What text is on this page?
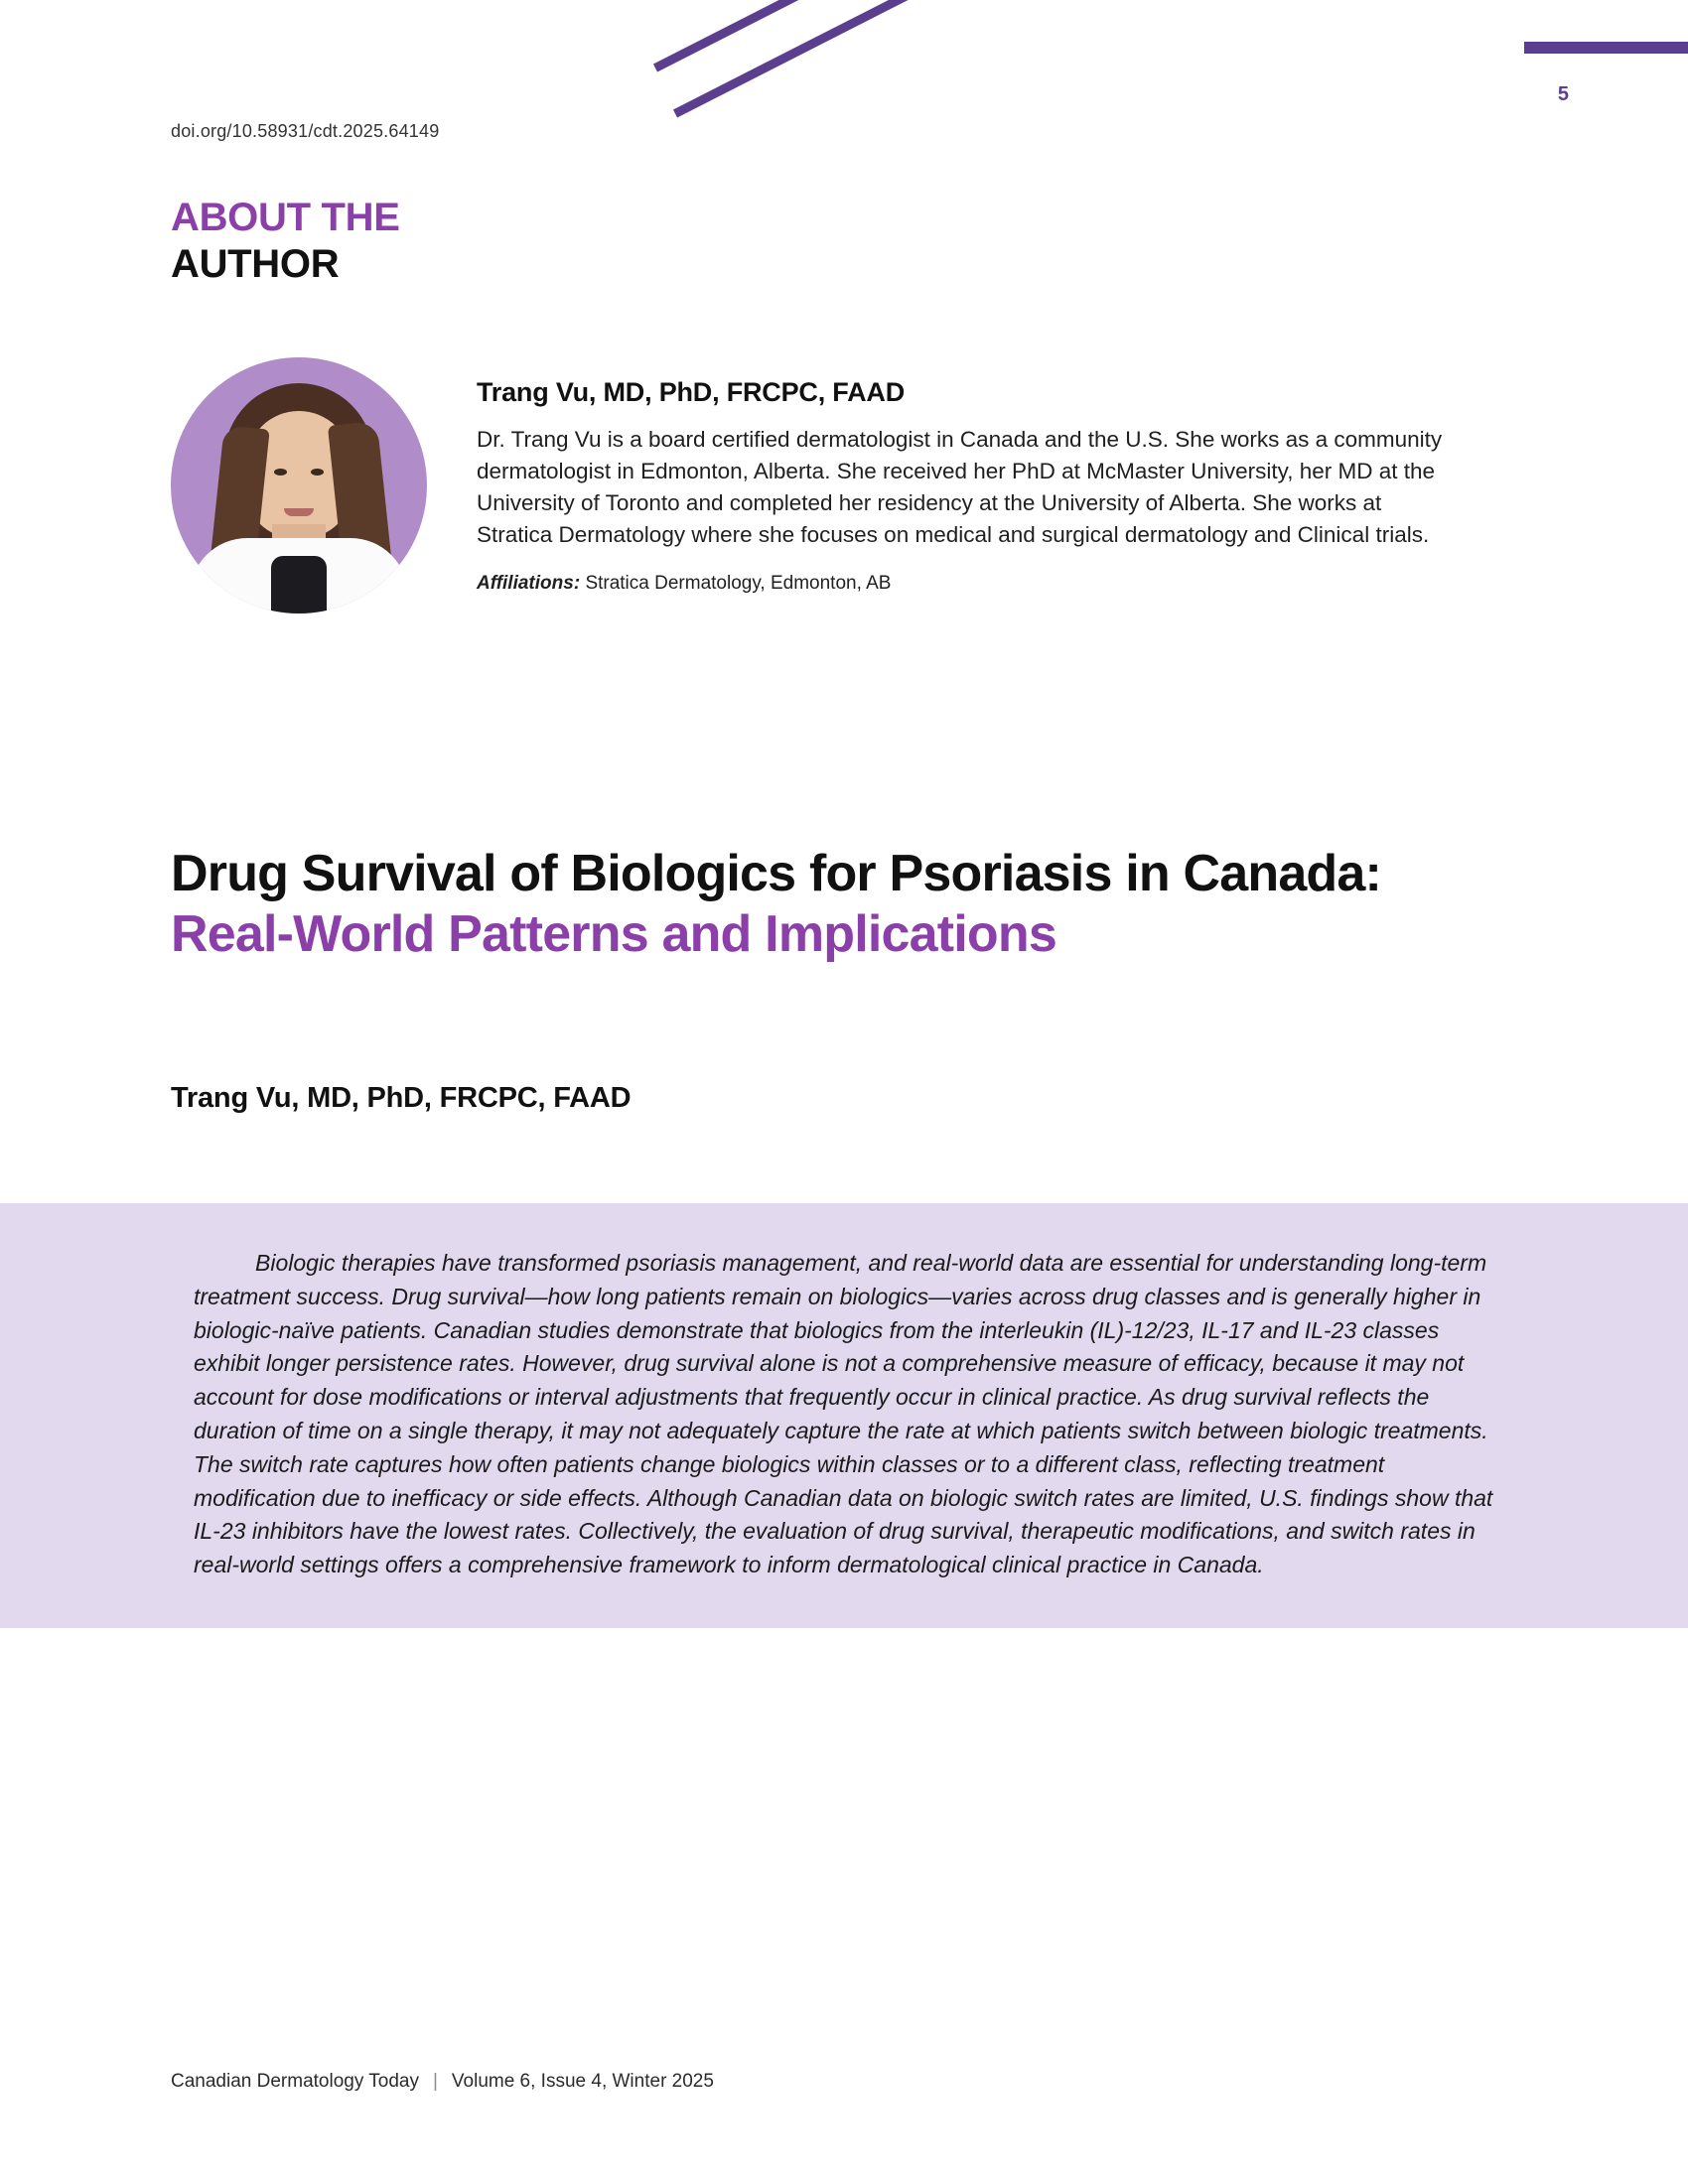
5
doi.org/10.58931/cdt.2025.64149
ABOUT THE
AUTHOR
Trang Vu, MD, PhD, FRCPC, FAAD

Dr. Trang Vu is a board certified dermatologist in Canada and the U.S. She works as a community dermatologist in Edmonton, Alberta. She received her PhD at McMaster University, her MD at the University of Toronto and completed her residency at the University of Alberta. She works at Stratica Dermatology where she focuses on medical and surgical dermatology and Clinical trials.

Affiliations: Stratica Dermatology, Edmonton, AB
Drug Survival of Biologics for Psoriasis in Canada: Real-World Patterns and Implications
Trang Vu, MD, PhD, FRCPC, FAAD

Biologic therapies have transformed psoriasis management, and real-world data are essential for understanding long-term treatment success. Drug survival—how long patients remain on biologics—varies across drug classes and is generally higher in biologic-naïve patients. Canadian studies demonstrate that biologics from the interleukin (IL)-12/23, IL-17 and IL-23 classes exhibit longer persistence rates. However, drug survival alone is not a comprehensive measure of efficacy, because it may not account for dose modifications or interval adjustments that frequently occur in clinical practice. As drug survival reflects the duration of time on a single therapy, it may not adequately capture the rate at which patients switch between biologic treatments. The switch rate captures how often patients change biologics within classes or to a different class, reflecting treatment modification due to inefficacy or side effects. Although Canadian data on biologic switch rates are limited, U.S. findings show that IL-23 inhibitors have the lowest rates. Collectively, the evaluation of drug survival, therapeutic modifications, and switch rates in real-world settings offers a comprehensive framework to inform dermatological clinical practice in Canada.

Canadian Dermatology Today | Volume 6, Issue 4, Winter 2025
